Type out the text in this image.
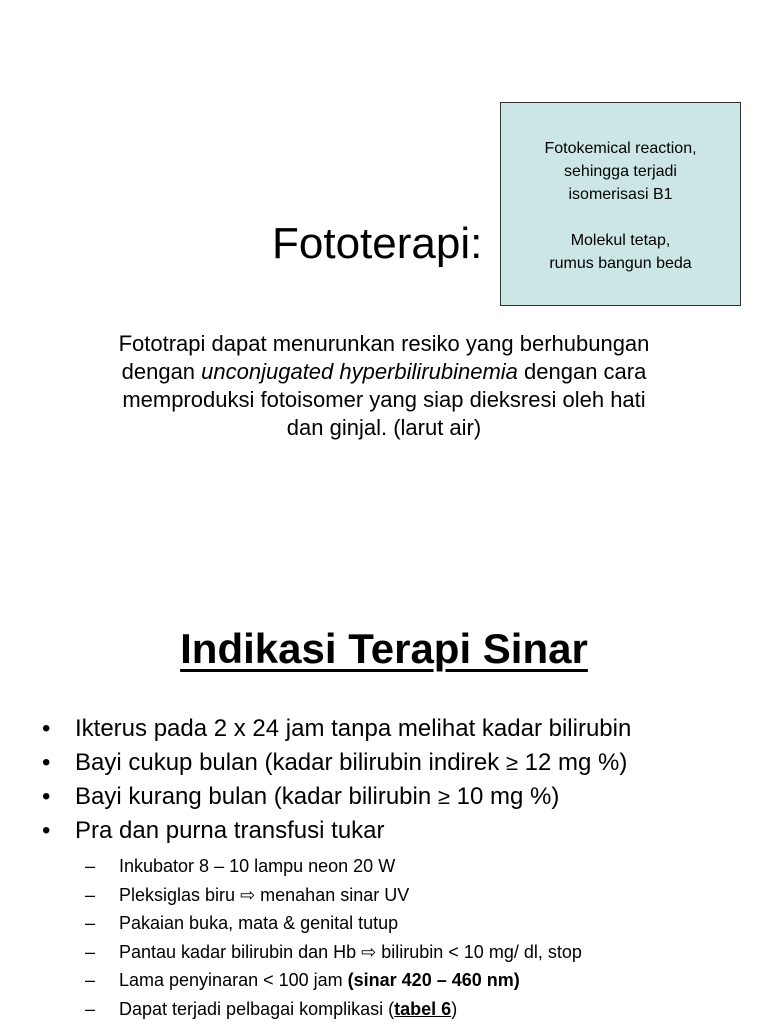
Fototerapi:
Fotokemical reaction,
sehingga terjadi
isomerisasi B1
Molekul tetap,
rumus bangun beda
Fototrapi dapat menurunkan resiko yang berhubungan dengan unconjugated hyperbilirubinemia dengan cara memproduksi fotoisomer yang siap dieksresi oleh hati dan ginjal. (larut air)
Indikasi Terapi Sinar
• Ikterus pada 2 x 24 jam tanpa melihat kadar bilirubin
• Bayi cukup bulan (kadar bilirubin indirek ≥ 12 mg %)
• Bayi kurang bulan (kadar bilirubin ≥ 10 mg %)
• Pra dan purna transfusi tukar
– Inkubator 8 – 10 lampu neon 20 W
– Pleksiglas biru ⇨ menahan sinar UV
– Pakaian buka, mata & genital tutup
– Pantau kadar bilirubin dan Hb ⇨ bilirubin < 10 mg/ dl, stop
– Lama penyinaran < 100 jam (sinar 420 – 460 nm)
– Dapat terjadi pelbagai komplikasi (tabel 6)
